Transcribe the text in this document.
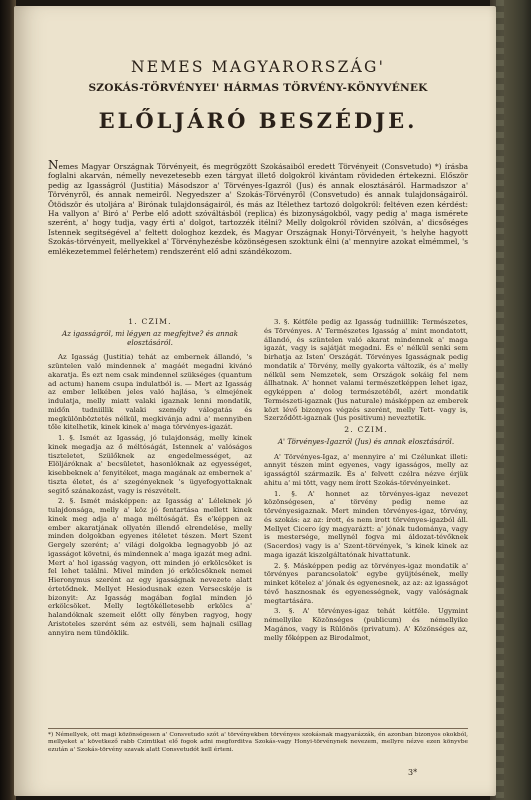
NEMES MAGYARORSZÁG'
SZOKÁS-TÖRVÉNYEI' HÁRMAS TÖRVÉNY-KÖNYVÉNEK
ELŐLJÁRÓ BESZÉDJE.
Nemes Magyar Országnak Törvényeit, és megrögzött Szokásaiból eredett Törvényeit (Consvetudo) *) írásba foglalni akarván, némelly nevezetesebb ezen tárgyat illető dolgokról kivántam rövideden értekezni. Először pedig az Igasságról (Justitia) Másodszor a' Törvényes-Igazról (Jus) és annak elosztásáról. Harmadszor a' Törvényről, és annak nemeiről. Negyedszer a' Szokás-Törvényről (Consvetudo) és annak tulajdonságairól. Ötödször és utoljára a' Birónak tulajdonságairól, és más az Itélethez tartozó dolgokról: feltéven ezen kérdést: Ha vallyon a' Biró a' Perbe elő adott szóváltásból (replica) és bizonyságokból, vagy pedig a' maga ismérete szerént, a' hogy tudja, vagy érti a' dolgot, tartozzék itélni? Melly dolgokról röviden szólván, a' dicsőséges Istennek segitségével a' feltett dologhoz kezdek, és Magyar Országnak Honyi-Törvényeit, 's helyhe hagyott Szokás-törvényeit, mellyekkel a' Törvényhezésbe közönségesen szoktunk élni (a' mennyire azokat elmémmel, 's emlékezetemmel felérhetem) rendszerént elő adni szándékozom.
1. CZIM.
Az igasságról, mi légyen az megfejtve? és annak elosztásáról.

Az Igasság (Justitia) tehát az embernek állandó, 's szüntelen való mindennek a' magáét megadni kivánó akaratja. És ezt nem csak mindennel szükséges (quantum ad actum) hanem csupa indulatból is. — Mert az Igasság az ember lelkében jeles való hajlása, 's elmejének indulatja, melly miatt valaki igaznak lenni mondatik, midőn tudniillik valaki személy válogatás és megkülönböztetés nélkül, megkivánja adni a' mennyiben tőle kitelhetik, kinek kinek a' maga törvényes-igazát.

1. §. Ismét az Igasság, jó tulajdonság, melly kinek kinek megadja az ő méltóságát, Istennek a' valóságos tiszteletet, Szülőknek az engedelmességet, az Elöljáróknak a' becsületet, hasonlóknak az egyességet, kisebbeknek a' fenyitéket, maga magának az embernek a' tiszta életet, és a' szegényeknek 's ügyefogyottaknak segitő szánakozást, vagy is részvételt.

2. §. Ismét másképpen: az Igasság a' Léleknek jó tulajdonsága, melly a' köz jó fentartása mellett kinek kinek meg adja a' maga méltóságát. És e'képpen az ember akaratjának ollyatén illendő elrendelése, melly minden dolgokban egyenes itéletet tészen. Mert Szent Gergely szerént; a' világi dolgokba legnagyobb jó az igasságot követni, és mindennek a' maga igazát meg adni. Mert a' hol igasság vagyon, ott minden jó erkölcsöket is fel lehet találni. Mivel minden jó erkölcsöknek nemei Hieronymus szerént az egy igasságnak nevezete alatt értetődnek. Mellyet Hesiodusnak ezen Versecskéje is bizonyit: Az Igasság magában foglal minden jó erkölcsöket. Melly legtökélletesebb erkölcs a' halandóknak szemeit előtt olly fényben ragyog, hogy Aristoteles szerént sém az estvéli, sem hajnali csillag annyira nem tündöklik.

3. §. Kétféle pedig az Igasság tudniillik: Természetes, és Törvényes. A' Természetes Igasság a' mint mondatott, állandó, és szüntelen való akarat mindennek a' maga igazát, vagy is sajátját megadni. És e' nélkül senki sem birhatja az Isten' Országát. Törvényes Igasságnak pedig mondatik a' Törvény, melly gyakorta változik, és a' melly nélkül sem Nemzetek, sem Országok sokáig fel nem állhatnak. A' honnet valami természetképpen lehet igaz, egyképpen a' dolog természetéből, azért mondatik Természeti-igaznak (Jus naturale) másképpen az emberek közt lévő bizonyos végzés szerént, melly Tett- vagy is, Szerződött-igaznak (Jus positivum) neveztetik.

2. CZIM.
A' Törvényes-Igazról (Jus) és annak elosztásáról.

A' Törvényes-Igaz, a' mennyire a' mi Czélunkat illeti: annyit tészen mint egyenes, vagy igasságos, melly az igasságtól származik. És a' felvett czélra nézve érjük ahitu a' mi tött, vagy nem írott Szokás-törvényeinket.

1. §. A' honnet az törvényes-igaz nevezet közönségesen, a' törvény pedig neme az törvényesigaznak. Mert minden törvényes-igaz, törvény, és szokás: az az: írott, és nem irott törvényes-igazból áll. Mellyet Cicero így magyaráztt: a' jónak tudománya, vagy is mestersége, mellynél fogva mi áldozat-tévőknek (Sacerdos) vagy is a' Szent-törvények, 's kinek kinek az maga igazát kiszolgáltatónak hivattatunk.

2. §. Másképpen pedig az törvényes-igaz mondatik a' törvényes parancsolatok' egybe gyüjtésének, melly minket kötelez a' jónak és egyenesnek, az az: az igasságot tévő hasznosnak és egyenességnek, vagy valóságnak megtartására.

3. §. A' törvényes-igaz tehát kétféle. Ugymint némellyike Közönséges (publicum) és némellyike Magános, vagy is Rülönös (privatum). A' Közönséges az, melly főképpen az Birodalmot,

*) Némellyek, ott magi közönségesen a' Consvetudo szót a' törvényekben törvényes szokásnak magyarázzák, én azonban bizonyos okokból, mellyeket a' következő rabb Czimtikat elő fogok adni megforditva Szokás-vagy Honyi-törvénynek nevezem, mellyre nézve ezen könyvbe ezután a' Szokás-törvény szavak alatt Consvetudót kell érteni.
3*
